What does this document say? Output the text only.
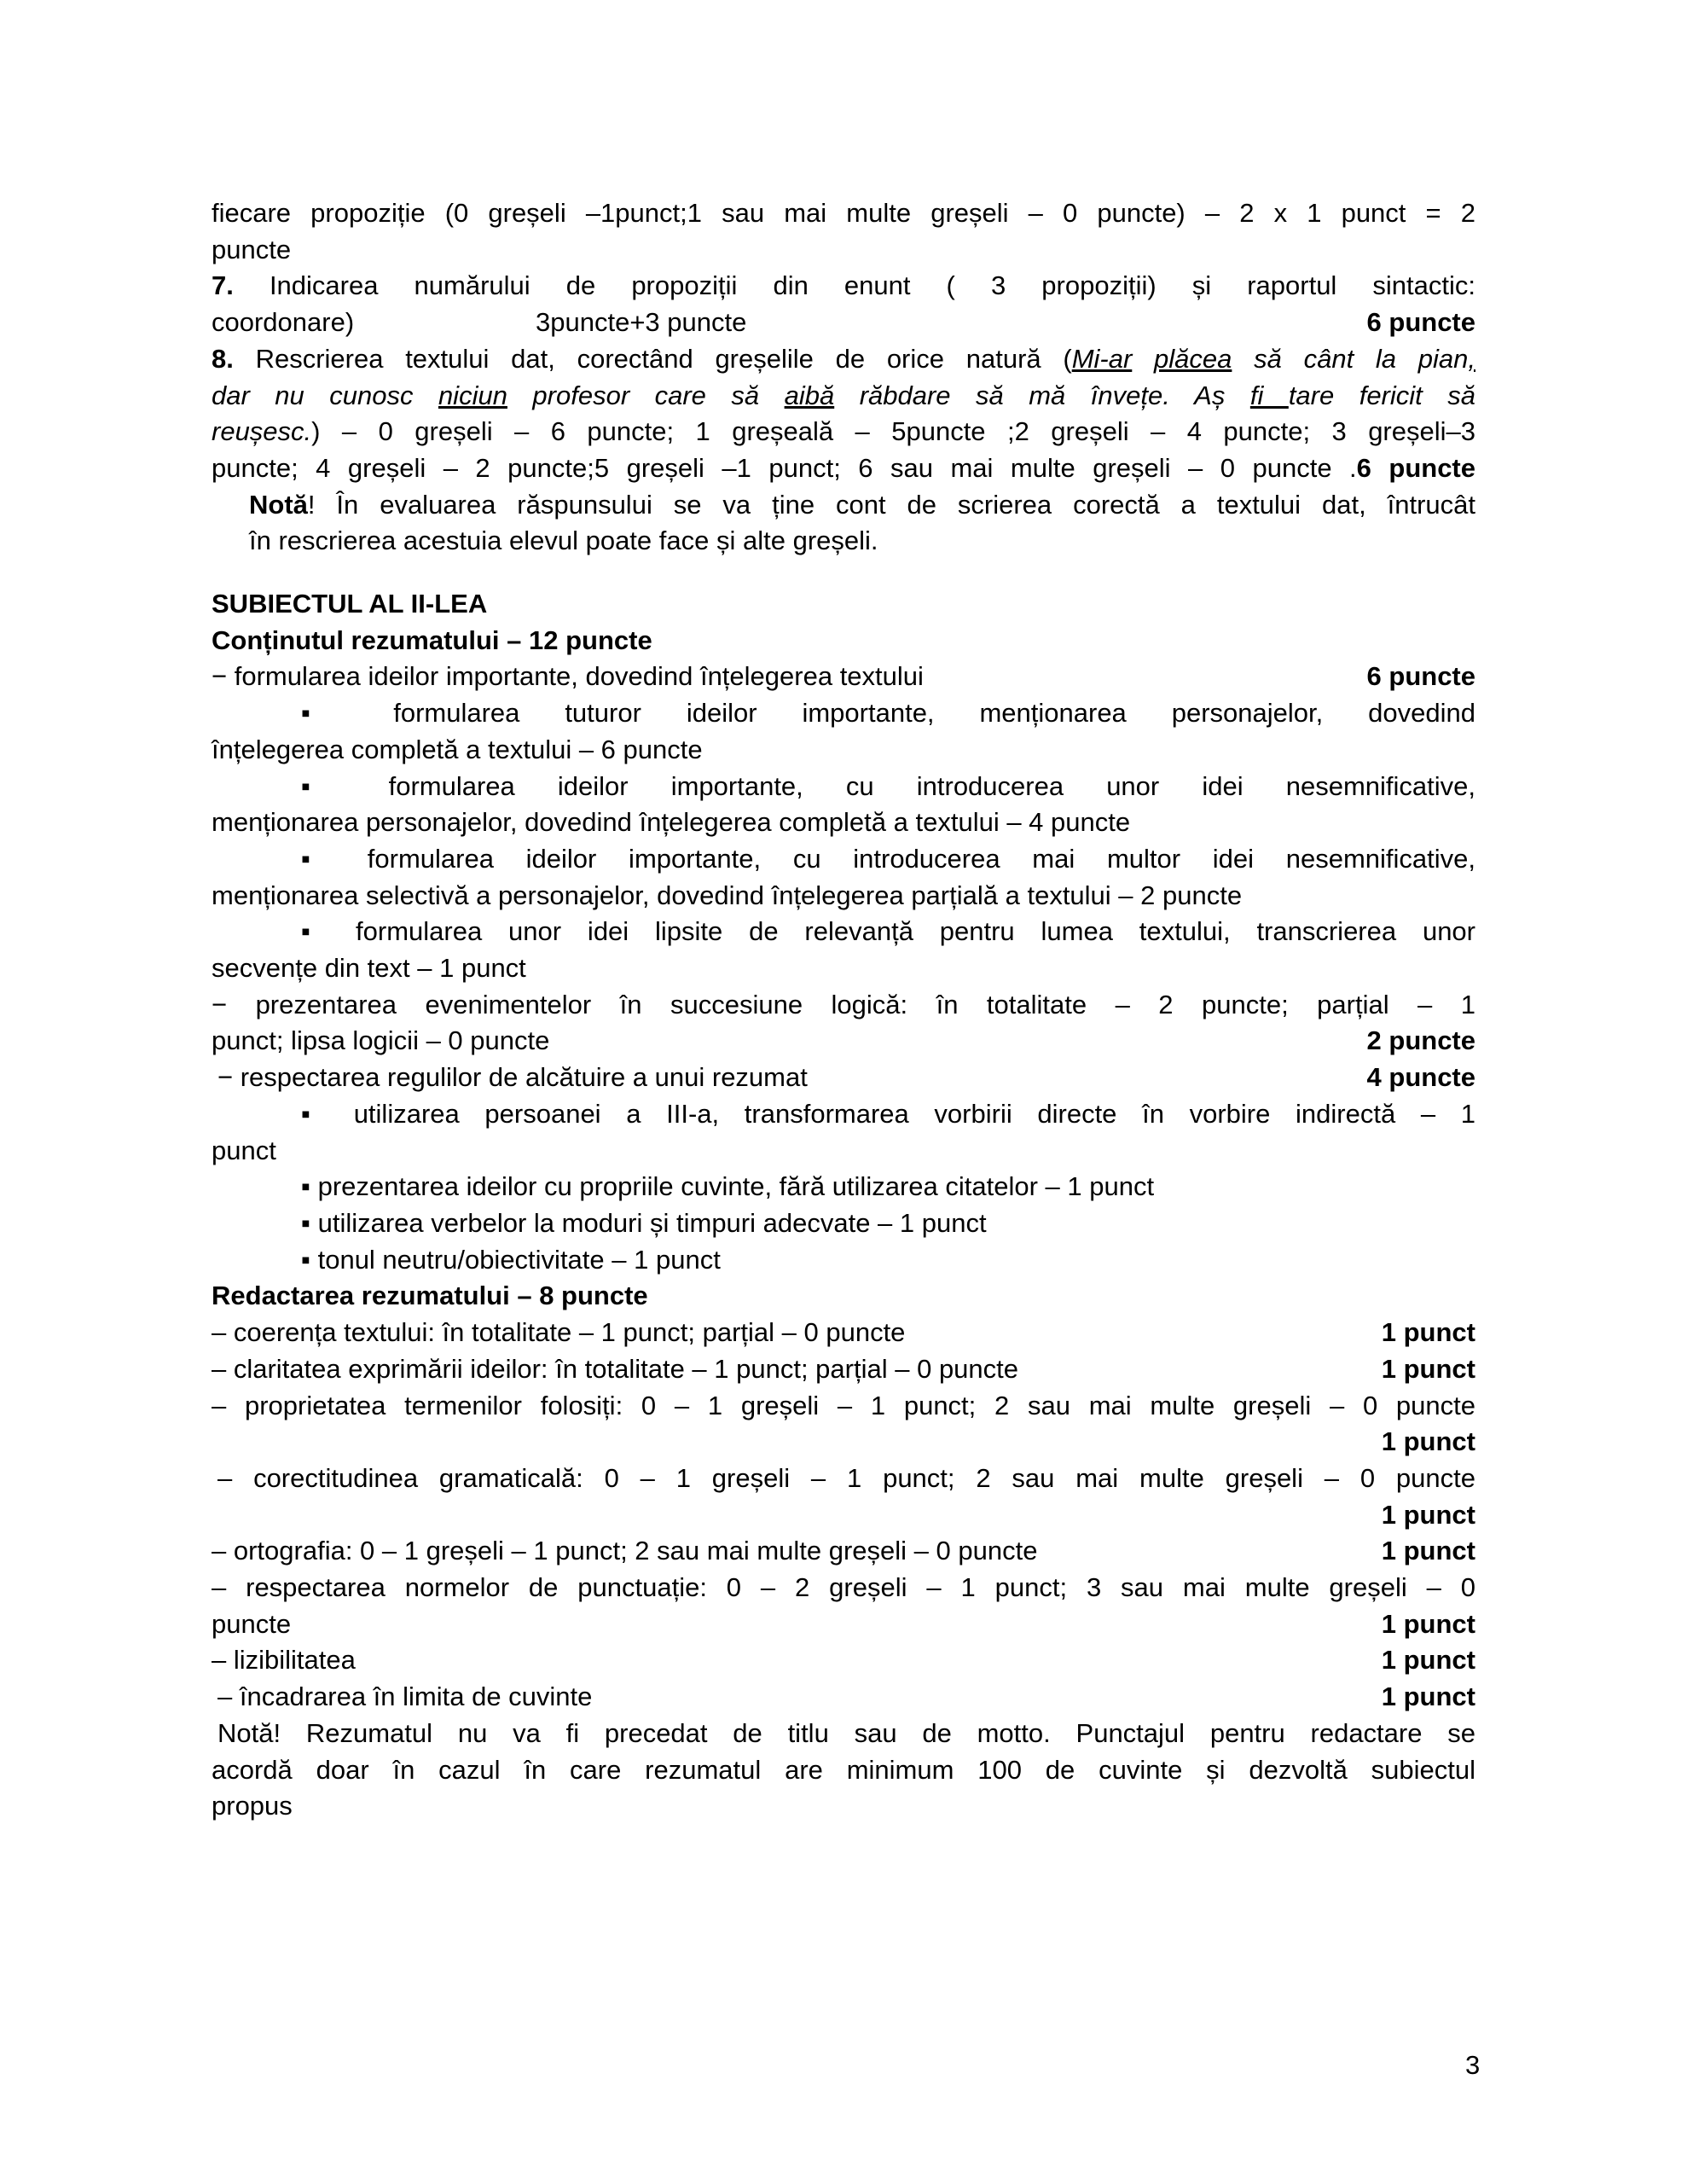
fiecare propoziție (0 greșeli –1punct;1 sau mai multe greșeli – 0 puncte) – 2 x 1 punct = 2
puncte
7. Indicarea numărului de propoziții din enunt ( 3 propoziții) și raportul sintactic:
coordonare)	3puncte+3 puncte	6 puncte
8. Rescrierea textului dat, corectând greșelile de orice natură (Mi-ar plăcea să cânt la pian,
dar nu cunosc niciun profesor care să aibă răbdare să mă învețe. Aș fi tare fericit să
reușesc.) – 0 greșeli – 6 puncte; 1 greșeală – 5puncte ;2 greșeli – 4 puncte; 3 greșeli–3
puncte; 4 greșeli – 2 puncte;5 greșeli –1 punct; 6 sau mai multe greșeli – 0 puncte .6 puncte
Notă! În evaluarea răspunsului se va ține cont de scrierea corectă a textului dat, întrucât
în rescrierea acestuia elevul poate face și alte greșeli.
SUBIECTUL AL II-LEA
Conținutul rezumatului – 12 puncte
− formularea ideilor importante, dovedind înțelegerea textului	6 puncte
▪ formularea tuturor ideilor importante, menționarea personajelor, dovedind
înțelegerea completă a textului – 6 puncte
▪ formularea ideilor importante, cu introducerea unor idei nesemnificative,
menționarea personajelor, dovedind înțelegerea completă a textului – 4 puncte
▪ formularea ideilor importante, cu introducerea mai multor idei nesemnificative,
menționarea selectivă a personajelor, dovedind înțelegerea parțială a textului – 2 puncte
▪ formularea unor idei lipsite de relevanță pentru lumea textului, transcrierea unor
secvențe din text – 1 punct
− prezentarea evenimentelor în succesiune logică: în totalitate – 2 puncte; parțial – 1
punct; lipsa logicii – 0 puncte	2 puncte
− respectarea regulilor de alcătuire a unui rezumat	4 puncte
▪ utilizarea persoanei a III-a, transformarea vorbirii directe în vorbire indirectă – 1
punct
▪ prezentarea ideilor cu propriile cuvinte, fără utilizarea citatelor – 1 punct
▪ utilizarea verbelor la moduri și timpuri adecvate – 1 punct
▪ tonul neutru/obiectivitate – 1 punct
Redactarea rezumatului – 8 puncte
– coerența textului: în totalitate – 1 punct; parțial – 0 puncte	1 punct
– claritatea exprimării ideilor: în totalitate – 1 punct; parțial – 0 puncte	1 punct
– proprietatea termenilor folosiți: 0 – 1 greșeli – 1 punct; 2 sau mai multe greșeli – 0 puncte
1 punct
– corectitudinea gramaticală: 0 – 1 greșeli – 1 punct; 2 sau mai multe greșeli – 0 puncte
1 punct
– ortografia: 0 – 1 greșeli – 1 punct; 2 sau mai multe greșeli – 0 puncte	1 punct
– respectarea normelor de punctuație: 0 – 2 greșeli – 1 punct; 3 sau mai multe greșeli – 0
puncte	1 punct
– lizibilitatea	1 punct
– încadrarea în limita de cuvinte	1 punct
Notă! Rezumatul nu va fi precedat de titlu sau de motto. Punctajul pentru redactare se
acordă doar în cazul în care rezumatul are minimum 100 de cuvinte și dezvoltă subiectul
propus
3
